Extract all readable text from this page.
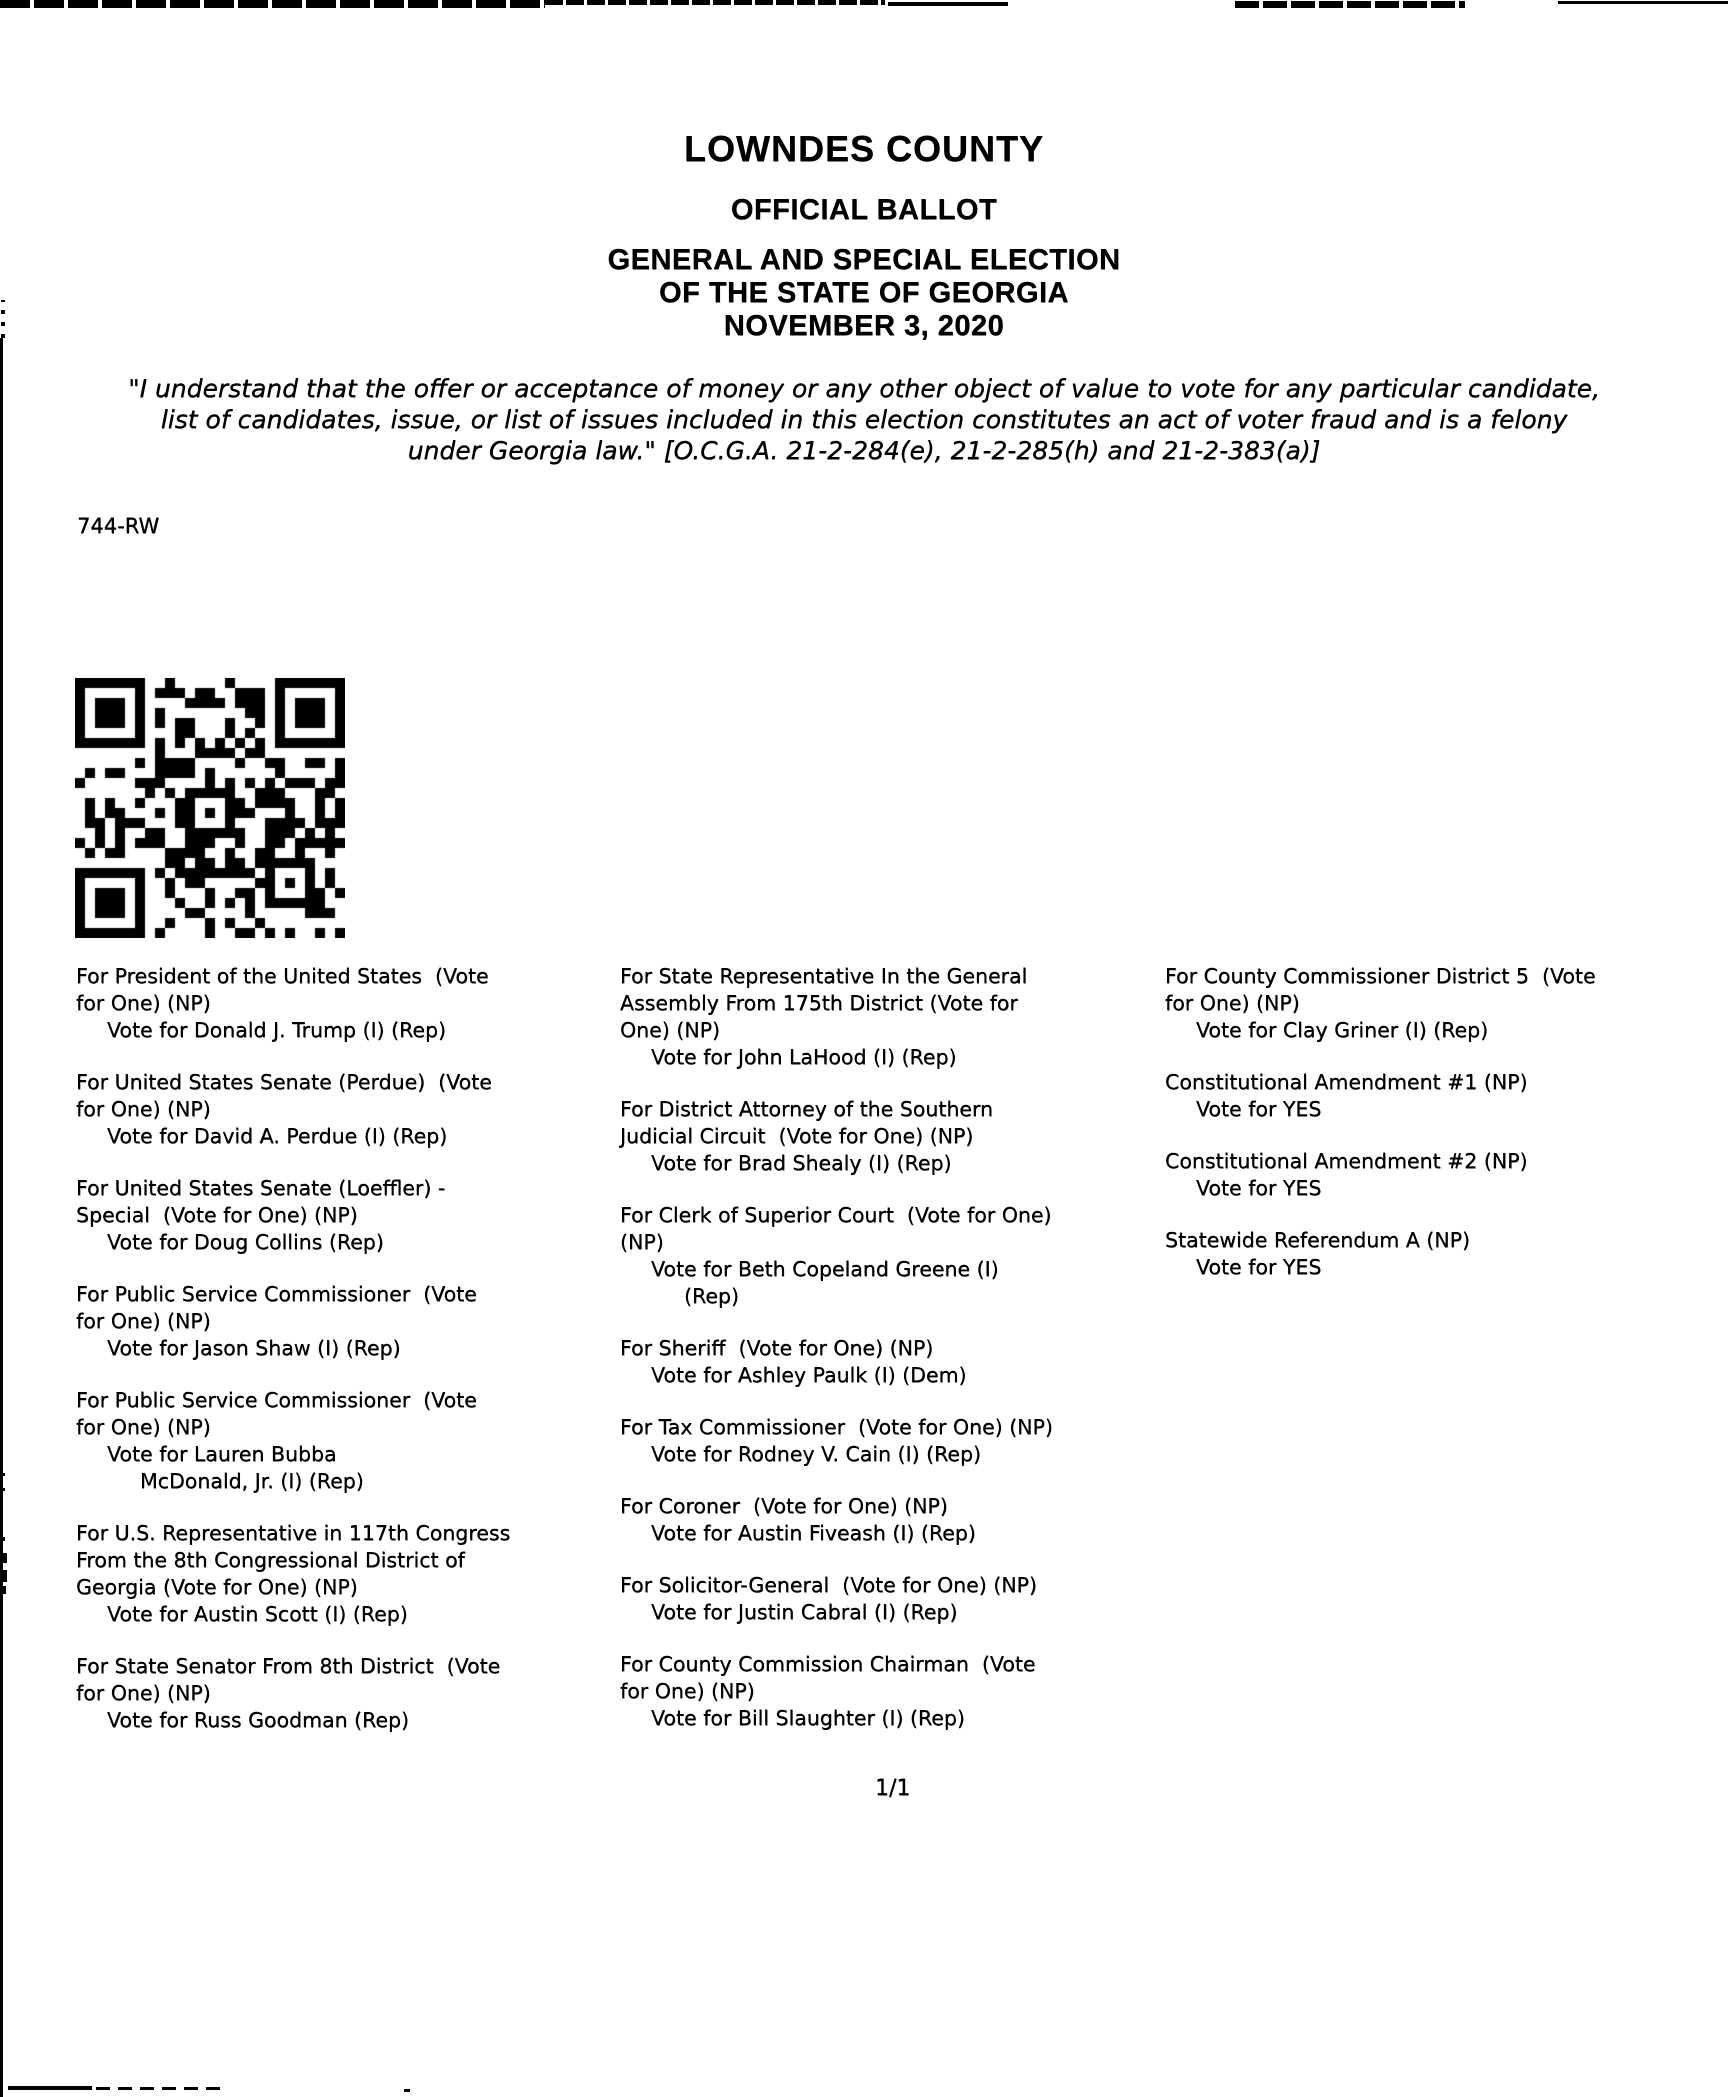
LOWNDES COUNTY
OFFICIAL BALLOT
GENERAL AND SPECIAL ELECTION
OF THE STATE OF GEORGIA
NOVEMBER 3, 2020
"I understand that the offer or acceptance of money or any other object of value to vote for any particular candidate,
list of candidates, issue, or list of issues included in this election constitutes an act of voter fraud and is a felony
under Georgia law." [O.C.G.A. 21-2-284(e), 21-2-285(h) and 21-2-383(a)]
744-RW
For President of the United States  (Vote
for One) (NP)
Vote for Donald J. Trump (I) (Rep)
For United States Senate (Perdue)  (Vote
for One) (NP)
Vote for David A. Perdue (I) (Rep)
For United States Senate (Loeffler) -
Special  (Vote for One) (NP)
Vote for Doug Collins (Rep)
For Public Service Commissioner  (Vote
for One) (NP)
Vote for Jason Shaw (I) (Rep)
For Public Service Commissioner  (Vote
for One) (NP)
Vote for Lauren Bubba
McDonald, Jr. (I) (Rep)
For U.S. Representative in 117th Congress
From the 8th Congressional District of
Georgia (Vote for One) (NP)
Vote for Austin Scott (I) (Rep)
For State Senator From 8th District  (Vote
for One) (NP)
Vote for Russ Goodman (Rep)
For State Representative In the General
Assembly From 175th District (Vote for
One) (NP)
Vote for John LaHood (I) (Rep)
For District Attorney of the Southern
Judicial Circuit  (Vote for One) (NP)
Vote for Brad Shealy (I) (Rep)
For Clerk of Superior Court  (Vote for One)
(NP)
Vote for Beth Copeland Greene (I)
(Rep)
For Sheriff  (Vote for One) (NP)
Vote for Ashley Paulk (I) (Dem)
For Tax Commissioner  (Vote for One) (NP)
Vote for Rodney V. Cain (I) (Rep)
For Coroner  (Vote for One) (NP)
Vote for Austin Fiveash (I) (Rep)
For Solicitor-General  (Vote for One) (NP)
Vote for Justin Cabral (I) (Rep)
For County Commission Chairman  (Vote
for One) (NP)
Vote for Bill Slaughter (I) (Rep)
For County Commissioner District 5  (Vote
for One) (NP)
Vote for Clay Griner (I) (Rep)
Constitutional Amendment #1 (NP)
Vote for YES
Constitutional Amendment #2 (NP)
Vote for YES
Statewide Referendum A (NP)
Vote for YES
1/1
